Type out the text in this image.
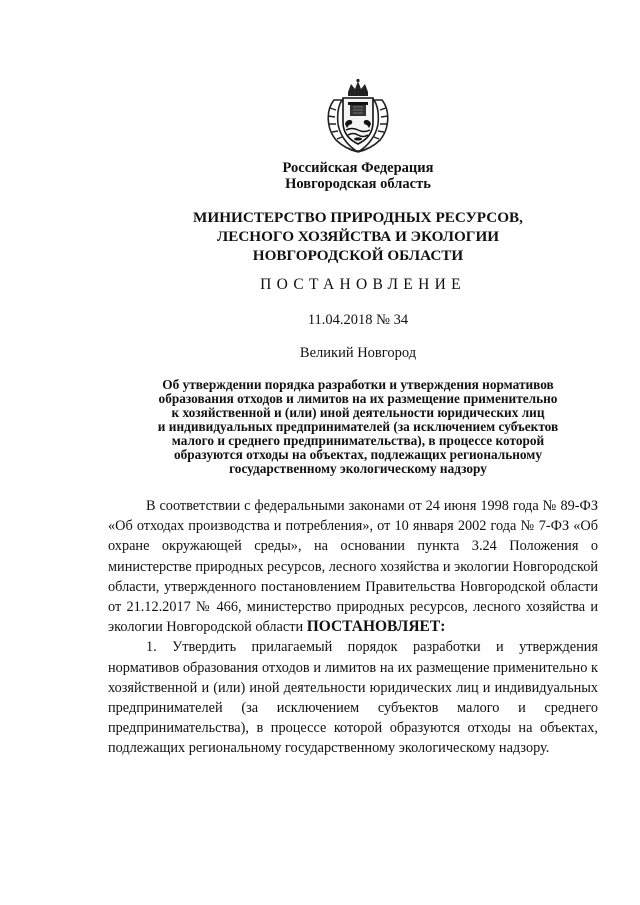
Российская Федерация
Новгородская область
МИНИСТЕРСТВО ПРИРОДНЫХ РЕСУРСОВ,
ЛЕСНОГО ХОЗЯЙСТВА И ЭКОЛОГИИ
НОВГОРОДСКОЙ ОБЛАСТИ
ПОСТАНОВЛЕНИЕ
11.04.2018 № 34
Великий Новгород
Об утверждении порядка разработки и утверждения нормативов
образования отходов и лимитов на их размещение применительно
к хозяйственной и (или) иной деятельности юридических лиц
и индивидуальных предпринимателей (за исключением субъектов
малого и среднего предпринимательства), в процессе которой
образуются отходы на объектах, подлежащих региональному
государственному экологическому надзору

В соответствии с федеральными законами от 24 июня 1998 года № 89-ФЗ «Об отходах производства и потребления», от 10 января 2002 года № 7-ФЗ «Об охране окружающей среды», на основании пункта 3.24 Положения о министерстве природных ресурсов, лесного хозяйства и экологии Новгородской области, утвержденного постановлением Правительства Новгородской области от 21.12.2017 № 466, министерство природных ресурсов, лесного хозяйства и экологии Новгородской области ПОСТАНОВЛЯЕТ:

1. Утвердить прилагаемый порядок разработки и утверждения нормативов образования отходов и лимитов на их размещение применительно к хозяйственной и (или) иной деятельности юридических лиц и индивидуальных предпринимателей (за исключением субъектов малого и среднего предпринимательства), в процессе которой образуются отходы на объектах, подлежащих региональному государственному экологическому надзору.
